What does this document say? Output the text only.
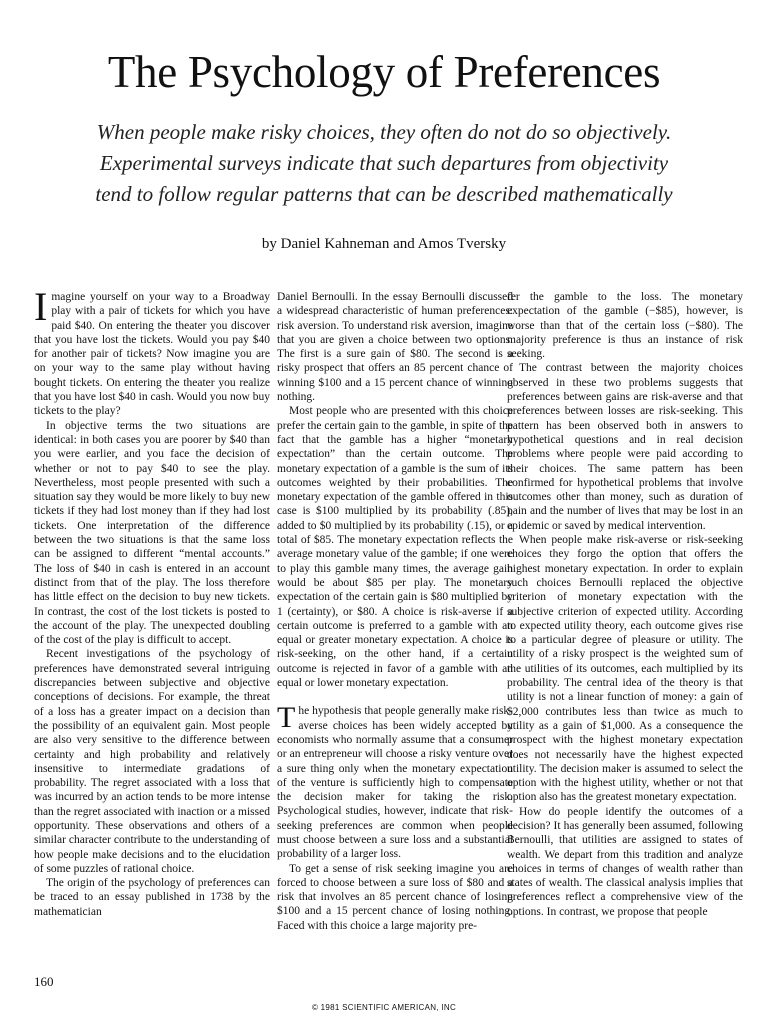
The Psychology of Preferences
When people make risky choices, they often do not do so objectively.
Experimental surveys indicate that such departures from objectivity
tend to follow regular patterns that can be described mathematically

by Daniel Kahneman and Amos Tversky

Imagine yourself on your way to a Broadway play with a pair of tickets for which you have paid $40. On entering the theater you discover that you have lost the tickets. Would you pay $40 for another pair of tickets? Now imagine you are on your way to the same play without having bought tickets. On entering the theater you realize that you have lost $40 in cash. Would you now buy tickets to the play?

In objective terms the two situations are identical: in both cases you are poorer by $40 than you were earlier, and you face the decision of whether or not to pay $40 to see the play. Nevertheless, most people presented with such a situation say they would be more likely to buy new tickets if they had lost money than if they had lost tickets. One interpretation of the difference between the two situations is that the same loss can be assigned to different “mental accounts.” The loss of $40 in cash is entered in an account distinct from that of the play. The loss therefore has little effect on the decision to buy new tickets. In contrast, the cost of the lost tickets is posted to the account of the play. The unexpected doubling of the cost of the play is difficult to accept.

Recent investigations of the psychology of preferences have demonstrated several intriguing discrepancies between subjective and objective conceptions of decisions. For example, the threat of a loss has a greater impact on a decision than the possibility of an equivalent gain. Most people are also very sensitive to the difference between certainty and high probability and relatively insensitive to intermediate gradations of probability. The regret associated with a loss that was incurred by an action tends to be more intense than the regret associated with inaction or a missed opportunity. These observations and others of a similar character contribute to the understanding of how people make decisions and to the elucidation of some puzzles of rational choice.

The origin of the psychology of preferences can be traced to an essay published in 1738 by the mathematician

Daniel Bernoulli. In the essay Bernoulli discussed a widespread characteristic of human preferences: risk aversion. To understand risk aversion, imagine that you are given a choice between two options. The first is a sure gain of $80. The second is a risky prospect that offers an 85 percent chance of winning $100 and a 15 percent chance of winning nothing.

Most people who are presented with this choice prefer the certain gain to the gamble, in spite of the fact that the gamble has a higher “monetary expectation” than the certain outcome. The monetary expectation of a gamble is the sum of its outcomes weighted by their probabilities. The monetary expectation of the gamble offered in this case is $100 multiplied by its probability (.85), added to $0 multiplied by its probability (.15), or a total of $85. The monetary expectation reflects the average monetary value of the gamble; if one were to play this gamble many times, the average gain would be about $85 per play. The monetary expectation of the certain gain is $80 multiplied by 1 (certainty), or $80. A choice is risk-averse if a certain outcome is preferred to a gamble with an equal or greater monetary expectation. A choice is risk-seeking, on the other hand, if a certain outcome is rejected in favor of a gamble with an equal or lower monetary expectation.

The hypothesis that people generally make risk-averse choices has been widely accepted by economists who normally assume that a consumer or an entrepreneur will choose a risky venture over a sure thing only when the monetary expectation of the venture is sufficiently high to compensate the decision maker for taking the risk. Psychological studies, however, indicate that risk-seeking preferences are common when people must choose between a sure loss and a substantial probability of a larger loss.

To get a sense of risk seeking imagine you are forced to choose between a sure loss of $80 and a risk that involves an 85 percent chance of losing $100 and a 15 percent chance of losing nothing. Faced with this choice a large majority pre-

fer the gamble to the loss. The monetary expectation of the gamble (−$85), however, is worse than that of the certain loss (−$80). The majority preference is thus an instance of risk seeking.

The contrast between the majority choices observed in these two problems suggests that preferences between gains are risk-averse and that preferences between losses are risk-seeking. This pattern has been observed both in answers to hypothetical questions and in real decision problems where people were paid according to their choices. The same pattern has been confirmed for hypothetical problems that involve outcomes other than money, such as duration of pain and the number of lives that may be lost in an epidemic or saved by medical intervention.

When people make risk-averse or risk-seeking choices they forgo the option that offers the highest monetary expectation. In order to explain such choices Bernoulli replaced the objective criterion of monetary expectation with the subjective criterion of expected utility. According to expected utility theory, each outcome gives rise to a particular degree of pleasure or utility. The utility of a risky prospect is the weighted sum of the utilities of its outcomes, each multiplied by its probability. The central idea of the theory is that utility is not a linear function of money: a gain of $2,000 contributes less than twice as much to utility as a gain of $1,000. As a consequence the prospect with the highest monetary expectation does not necessarily have the highest expected utility. The decision maker is assumed to select the option with the highest utility, whether or not that option also has the greatest monetary expectation.

How do people identify the outcomes of a decision? It has generally been assumed, following Bernoulli, that utilities are assigned to states of wealth. We depart from this tradition and analyze choices in terms of changes of wealth rather than states of wealth. The classical analysis implies that preferences reflect a comprehensive view of the options. In contrast, we propose that people

160

© 1981 SCIENTIFIC AMERICAN, INC
